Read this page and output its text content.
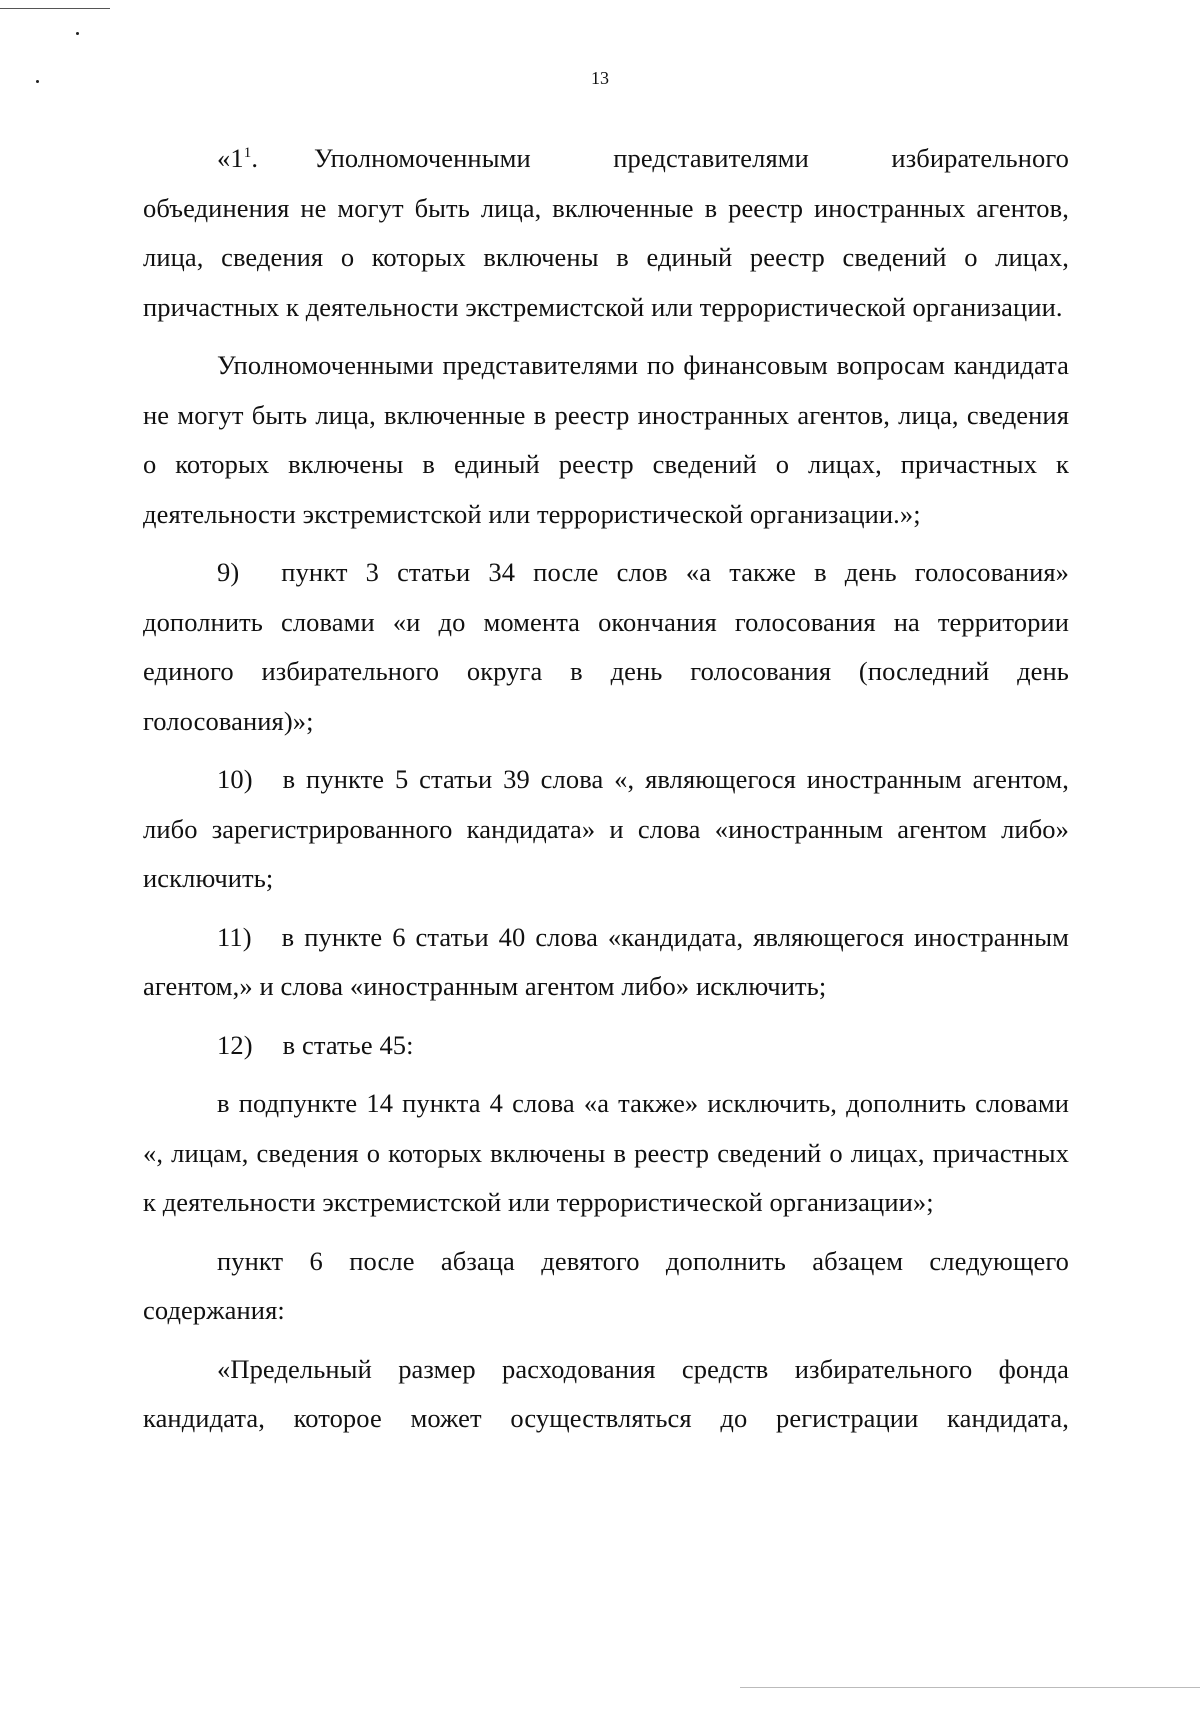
13

«$1^1$. Уполномоченными представителями избирательного объединения не могут быть лица, включенные в реестр иностранных агентов, лица, сведения о которых включены в единый реестр сведений о лицах, причастных к деятельности экстремистской или террористической организации.

Уполномоченными представителями по финансовым вопросам кандидата не могут быть лица, включенные в реестр иностранных агентов, лица, сведения о которых включены в единый реестр сведений о лицах, причастных к деятельности экстремистской или террористической организации.»;

9) пункт 3 статьи 34 после слов «а также в день голосования» дополнить словами «и до момента окончания голосования на территории единого избирательного округа в день голосования (последний день голосования)»;

10) в пункте 5 статьи 39 слова «, являющегося иностранным агентом, либо зарегистрированного кандидата» и слова «иностранным агентом либо» исключить;

11) в пункте 6 статьи 40 слова «кандидата, являющегося иностранным агентом,» и слова «иностранным агентом либо» исключить;

12) в статье 45:

в подпункте 14 пункта 4 слова «а также» исключить, дополнить словами «, лицам, сведения о которых включены в реестр сведений о лицах, причастных к деятельности экстремистской или террористической организации»;

пункт 6 после абзаца девятого дополнить абзацем следующего содержания:

«Предельный размер расходования средств избирательного фонда кандидата, которое может осуществляться до регистрации кандидата,
